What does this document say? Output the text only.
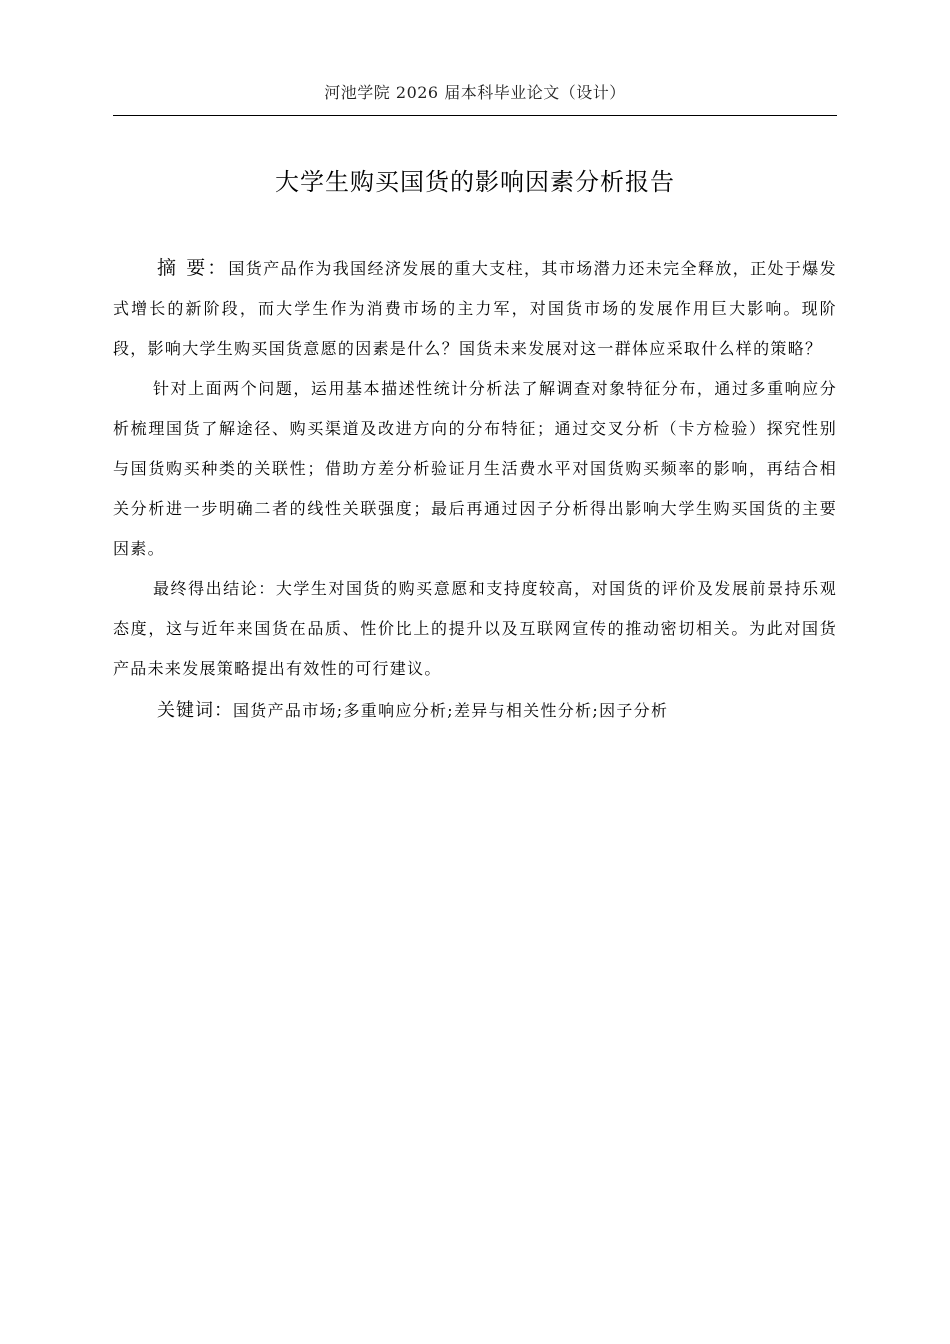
河池学院 2026 届本科毕业论文（设计）
大学生购买国货的影响因素分析报告

摘 要：国货产品作为我国经济发展的重大支柱，其市场潜力还未完全释放，正处于爆发式增长的新阶段，而大学生作为消费市场的主力军，对国货市场的发展作用巨大影响。现阶段，影响大学生购买国货意愿的因素是什么？国货未来发展对这一群体应采取什么样的策略？

针对上面两个问题，运用基本描述性统计分析法了解调查对象特征分布，通过多重响应分析梳理国货了解途径、购买渠道及改进方向的分布特征；通过交叉分析（卡方检验）探究性别与国货购买种类的关联性；借助方差分析验证月生活费水平对国货购买频率的影响，再结合相关分析进一步明确二者的线性关联强度；最后再通过因子分析得出影响大学生购买国货的主要因素。

最终得出结论：大学生对国货的购买意愿和支持度较高，对国货的评价及发展前景持乐观态度，这与近年来国货在品质、性价比上的提升以及互联网宣传的推动密切相关。为此对国货产品未来发展策略提出有效性的可行建议。

关键词：国货产品市场;多重响应分析;差异与相关性分析;因子分析
